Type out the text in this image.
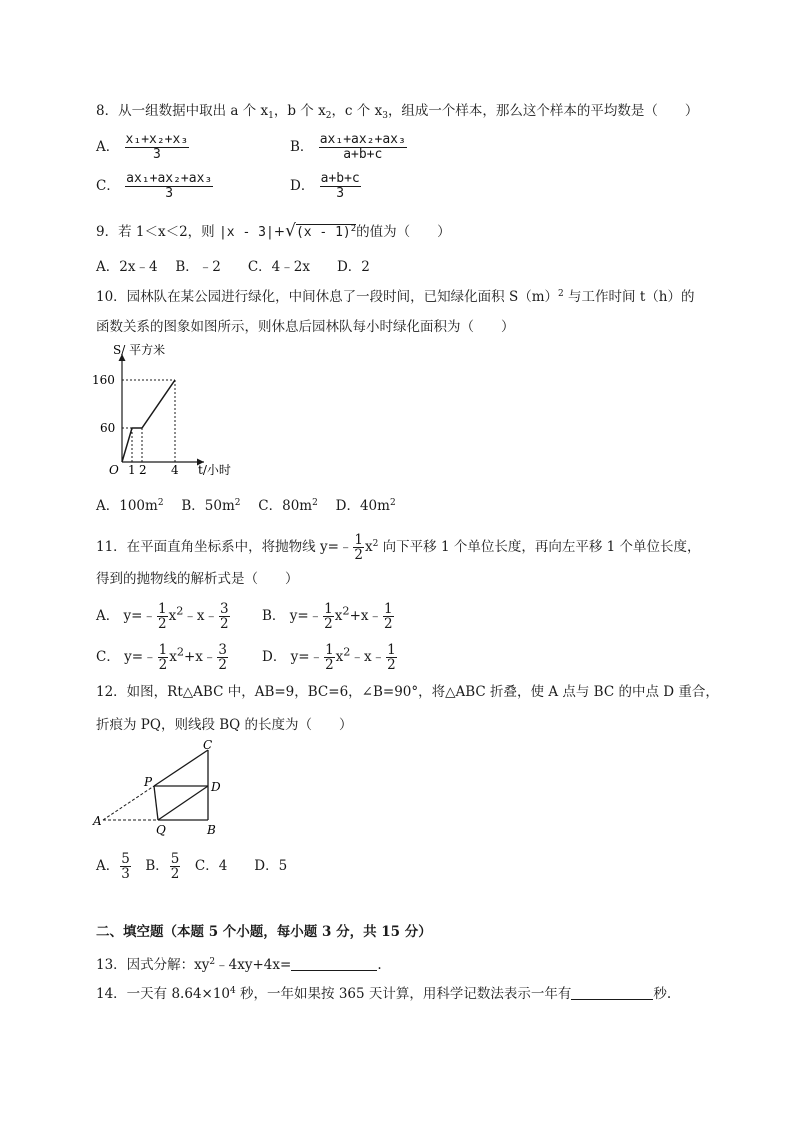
8．从一组数据中取出 a 个 $x_1$，b 个 $x_2$，c 个 $x_3$，组成一个样本，那么这个样本的平均数是（　　）
A． $\frac{\text{x₁+x₂+x₃}}{3}$	B． $\frac{\text{ax₁+ax₂+ax₃}}{a+b+c}$
C． $\frac{\text{ax₁+ax₂+ax₃}}{3}$	D． $\frac{a+b+c}{3}$
9．若 1＜x＜2，则 |x - 3|+√(x - 1)$^2$的值为（　　）
A．2x﹣4　 B．﹣2　　C．4﹣2x　　D．2
10．园林队在某公园进行绿化，中间休息了一段时间，已知绿化面积 $S(m)^2$ 与工作时间 t（h）的
函数关系的图象如图所示，则休息后园林队每小时绿化面积为（　　）
S/ 平方米
160
60
O 1 2 4 t/小时
A．$100m^2$　 B．$50m^2$　 C．$80m^2$　 D．$40m^2$
11．在平面直角坐标系中，将抛物线 y=﹣ $\frac{1}{2} x^2$ 向下平移 1 个单位长度，再向左平移 1 个单位长度，
得到的抛物线的解析式是（　　）
A． y=﹣ $\frac{1}{2}$ $x^2﹣x﹣ \frac{3}{2}$ B． y=﹣ $\frac{1}{2}$ $x^2+x﹣ \frac{1}{2}$
C． y=﹣ $\frac{1}{2}$ $x^2+x﹣ \frac{3}{2}$	D． y=﹣ $\frac{1}{2}$ $x^2﹣x﹣ \frac{1}{2}$
12．如图，Rt△ABC 中，AB=9，BC=6，∠B=90°，将△ABC 折叠，使 A 点与 BC 的中点 D 重合，
折痕为 PQ，则线段 BQ 的长度为（　　）
C
P	D
A
Q	B
A． $\frac{5}{3}$
　 B． $\frac{5}{2}$
　 C．4　　 D．5
二、填空题（本题 5 个小题，每小题 3 分，共 15 分）
13．因式分解：$xy^2﹣4xy+4x=$	.
14．一天有 $8.64\times 10^4$ 秒，一年如果按 365 天计算，用科学记数法表示一年有	秒.
